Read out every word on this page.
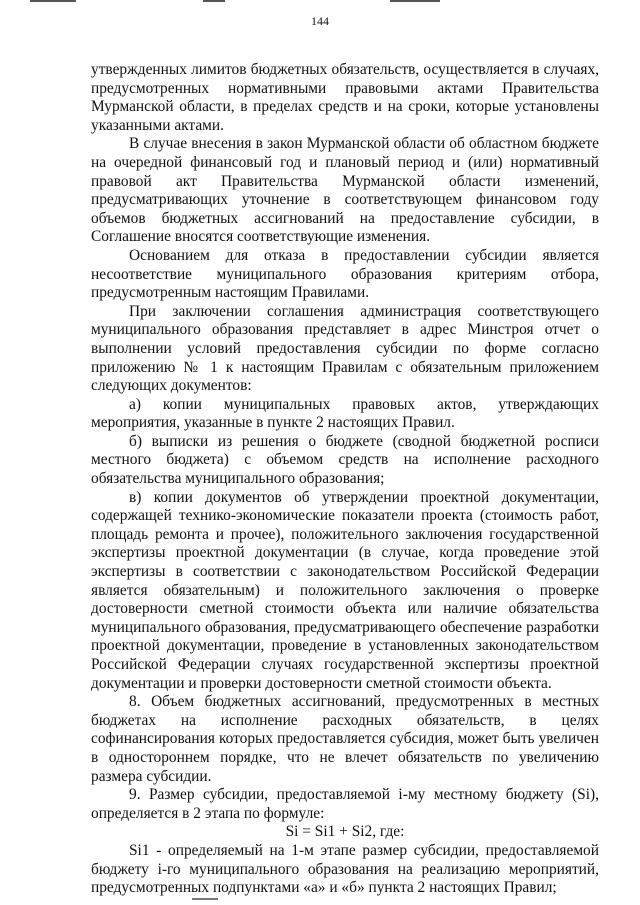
144

утвержденных лимитов бюджетных обязательств, осуществляется в случаях, предусмотренных нормативными правовыми актами Правительства Мурманской области, в пределах средств и на сроки, которые установлены указанными актами.

В случае внесения в закон Мурманской области об областном бюджете на очередной финансовый год и плановый период и (или) нормативный правовой акт Правительства Мурманской области изменений, предусматривающих уточнение в соответствующем финансовом году объемов бюджетных ассигнований на предоставление субсидии, в Соглашение вносятся соответствующие изменения.

Основанием для отказа в предоставлении субсидии является несоответствие муниципального образования критериям отбора, предусмотренным настоящим Правилами.

При заключении соглашения администрация соответствующего муниципального образования представляет в адрес Минстроя отчет о выполнении условий предоставления субсидии по форме согласно приложению № 1 к настоящим Правилам с обязательным приложением следующих документов:

а) копии муниципальных правовых актов, утверждающих мероприятия, указанные в пункте 2 настоящих Правил.

б) выписки из решения о бюджете (сводной бюджетной росписи местного бюджета) с объемом средств на исполнение расходного обязательства муниципального образования;

в) копии документов об утверждении проектной документации, содержащей технико-экономические показатели проекта (стоимость работ, площадь ремонта и прочее), положительного заключения государственной экспертизы проектной документации (в случае, когда проведение этой экспертизы в соответствии с законодательством Российской Федерации является обязательным) и положительного заключения о проверке достоверности сметной стоимости объекта или наличие обязательства муниципального образования, предусматривающего обеспечение разработки проектной документации, проведение в установленных законодательством Российской Федерации случаях государственной экспертизы проектной документации и проверки достоверности сметной стоимости объекта.

8. Объем бюджетных ассигнований, предусмотренных в местных бюджетах на исполнение расходных обязательств, в целях софинансирования которых предоставляется субсидия, может быть увеличен в одностороннем порядке, что не влечет обязательств по увеличению размера субсидии.

9. Размер субсидии, предоставляемой i-му местному бюджету (Si), определяется в 2 этапа по формуле:

Si = Si1 + Si2, где:

Si1 - определяемый на 1-м этапе размер субсидии, предоставляемой бюджету i-го муниципального образования на реализацию мероприятий, предусмотренных подпунктами «а» и «б» пункта 2 настоящих Правил;
